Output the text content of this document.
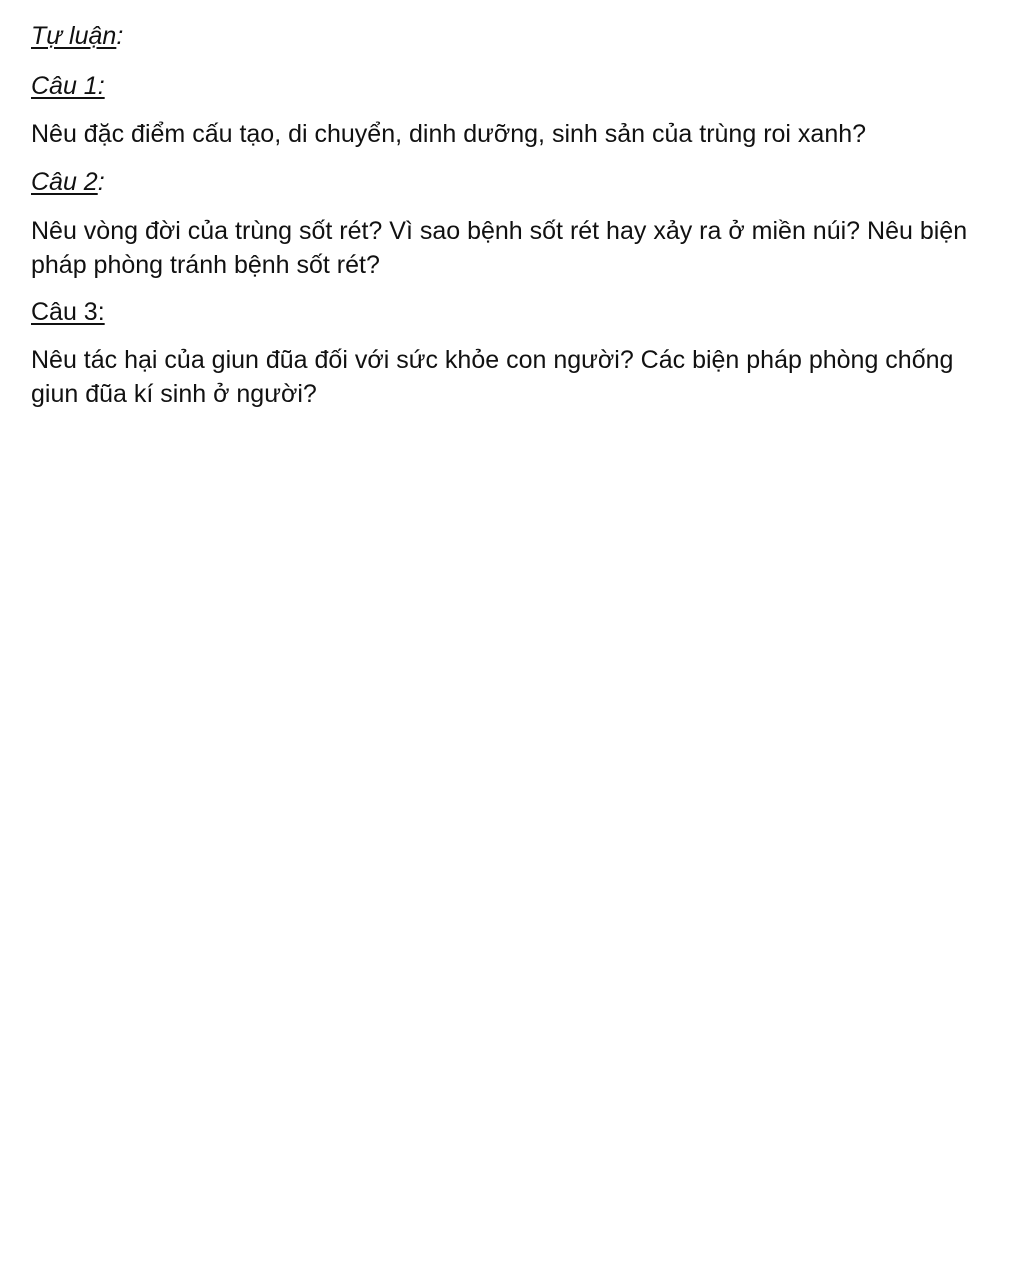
Tự luận:

Câu 1:

Nêu đặc điểm cấu tạo, di chuyển, dinh dưỡng, sinh sản của trùng roi xanh?

Câu 2:

Nêu vòng đời của trùng sốt rét? Vì sao bệnh sốt rét hay xảy ra ở miền núi? Nêu biện pháp phòng tránh bệnh sốt rét?

Câu 3:

Nêu tác hại của giun đũa đối với sức khỏe con người? Các biện pháp phòng chống giun đũa kí sinh ở người?
